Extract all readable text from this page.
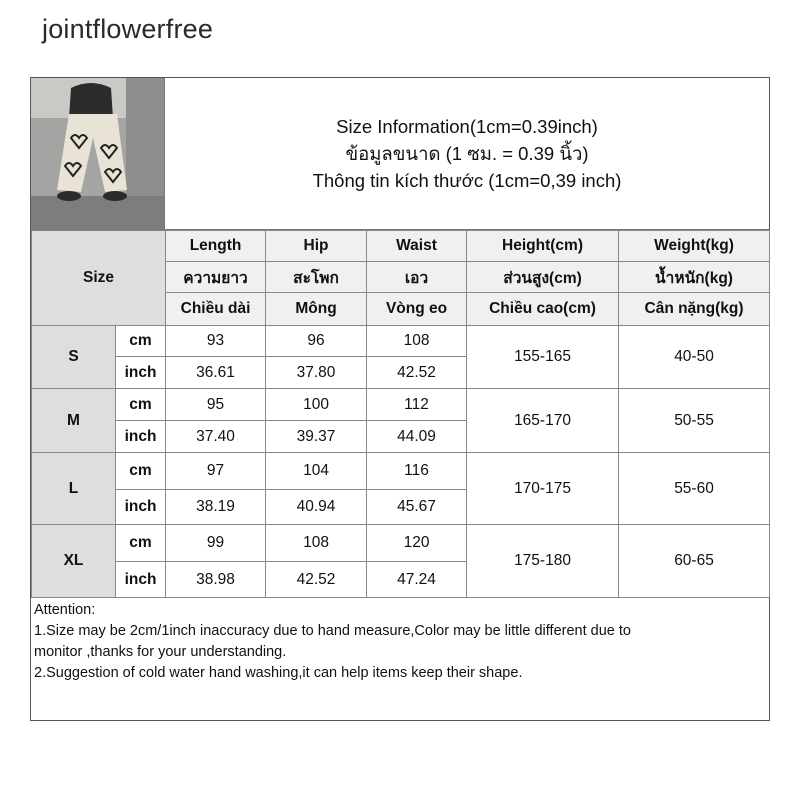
jointflowerfree
Size Information(1cm=0.39inch)
ข้อมูลขนาด (1 ซม. = 0.39 นิ้ว)
Thông tin kích thước (1cm=0,39 inch)
Size		Length	Hip	Waist	Height(cm)	Weight(kg)
		ความยาว	สะโพก	เอว	ส่วนสูง(cm)	น้ำหนัก(kg)
		Chiều dài	Mông	Vòng eo	Chiều cao(cm)	Cân nặng(kg)
S	cm	93	96	108	155-165	40-50
	inch	36.61	37.80	42.52		
M	cm	95	100	112	165-170	50-55
	inch	37.40	39.37	44.09		
L	cm	97	104	116	170-175	55-60
	inch	38.19	40.94	45.67		
XL	cm	99	108	120	175-180	60-65
	inch	38.98	42.52	47.24		
Attention:
1.Size may be 2cm/1inch inaccuracy due to hand measure,Color may be little different due to
monitor ,thanks for your understanding.
2.Suggestion of cold water hand washing,it can help items keep their shape.
